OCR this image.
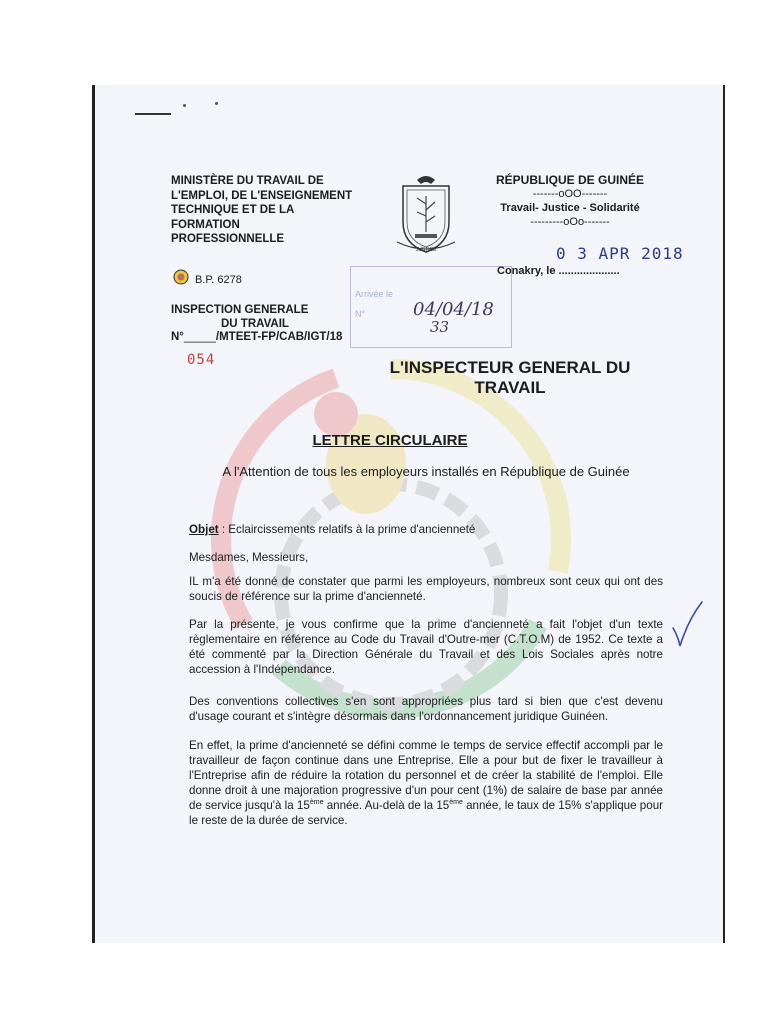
MINISTÈRE DU TRAVAIL DE
L'EMPLOI, DE L'ENSEIGNEMENT
TECHNIQUE ET DE LA
FORMATION
PROFESSIONNELLE
JUSTICE
RÉPUBLIQUE DE GUINÉE
-------oOO-------
Travail- Justice - Solidarité
---------oOo-------
Arrivée le
N°
0 3 APR 2018
Conakry, le ....................
B.P. 6278
INSPECTION GENERALE
DU TRAVAIL
N°_____/MTEET-FP/CAB/IGT/18
054
04/04/18
33
L'INSPECTEUR GENERAL DU
TRAVAIL
LETTRE CIRCULAIRE
A l'Attention de tous les employeurs installés en République de Guinée
Objet : Eclaircissements relatifs à la prime d'ancienneté
Mesdames, Messieurs,
IL m'a été donné de constater que parmi les employeurs, nombreux sont ceux qui ont des soucis de référence sur la prime d'ancienneté.
Par la présente, je vous confirme que la prime d'ancienneté a fait l'objet d'un texte règlementaire en référence au Code du Travail d'Outre-mer (C.T.O.M) de 1952. Ce texte a été commenté par la Direction Générale du Travail et des Lois Sociales après notre accession à l'Indépendance.
Des conventions collectives s'en sont appropriées plus tard si bien que c'est devenu d'usage courant et s'intègre désormais dans l'ordonnancement juridique Guinéen.
En effet, la prime d'ancienneté se défini comme le temps de service effectif accompli par le travailleur de façon continue dans une Entreprise. Elle a pour but de fixer le travailleur à l'Entreprise afin de réduire la rotation du personnel et de créer la stabilité de l'emploi. Elle donne droit à une majoration progressive d'un pour cent (1%) de salaire de base par année de service jusqu'à la 15ème année. Au-delà de la 15ème année, le taux de 15% s'applique pour le reste de la durée de service.
